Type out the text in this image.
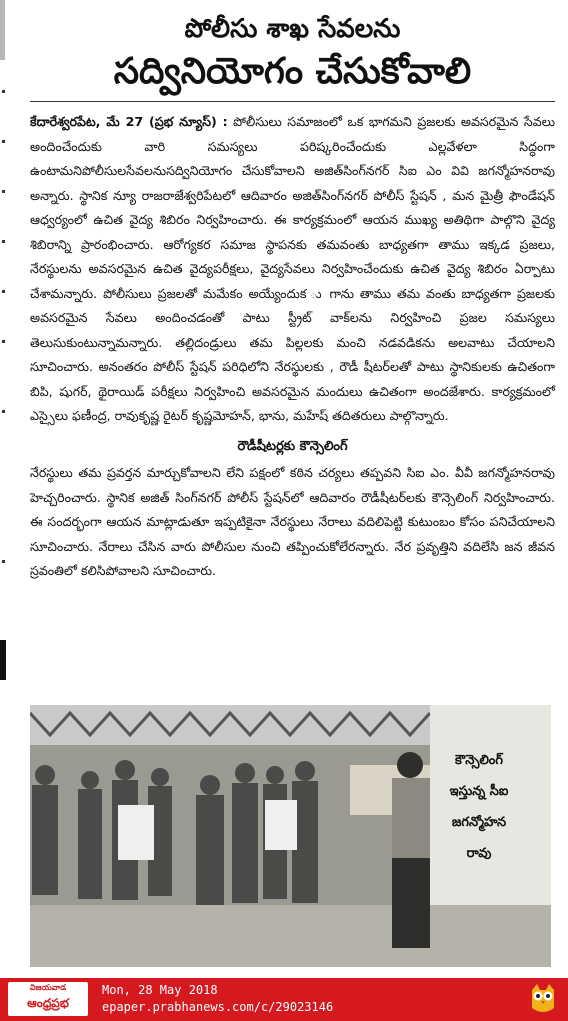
పోలీసు శాఖ సేవలను
సద్వినియోగం చేసుకోవాలి

కేదారేశ్వరపేట, మే 27 (ప్రభ న్యూస్) : పోలీసులు సమాజంలో ఒక భాగమని ప్రజలకు అవసరమైన సేవలు అందించేందుకు వారి సమస్యలు పరిష్కరించేందుకు ఎల్లవేళలా సిద్ధంగా ఉంటామనిపోలీసులసేవలనుసద్వినియోగం చేసుకోవాలని అజిత్‌సింగ్‌నగర్ సిఐ ఎం వివి జగన్మోహనరావు అన్నారు. స్థానిక న్యూ రాజరాజేశ్వరిపేటలో ఆదివారం అజిత్‌సింగ్‌నగర్ పోలీస్ స్టేషన్ , మన మైత్రీ ఫౌండేషన్ ఆధ్వర్యంలో ఉచిత వైద్య శిబిరం నిర్వహించారు. ఈ కార్యక్రమంలో ఆయన ముఖ్య అతిథిగా పాల్గొని వైద్య శిబిరాన్ని ప్రారంభించారు. ఆరోగ్యకర సమాజ స్థాపనకు తమవంతు బాధ్యతగా తాము ఇక్కడ ప్రజలు, నేరస్థులను అవసరమైన ఉచిత వైద్యపరీక్షలు, వైద్యసేవలు నిర్వహించేందుకు ఉచిత వైద్య శిబిరం ఏర్పాటు చేశామన్నారు. పోలీసులు ప్రజలతో మమేకం అయ్యేందుక ు గాను తాము తమ వంతు బాధ్యతగా ప్రజలకు అవసరమైన సేవలు అందించడంతో పాటు స్ట్రీట్ వాక్‌లను నిర్వహించి ప్రజల సమస్యలు తెలుసుకుంటున్నామన్నారు. తల్లిదండ్రులు తమ పిల్లలకు మంచి నడవడికను అలవాటు చేయాలని సూచించారు. అనంతరం పోలీస్ స్టేషన్ పరిధిలోని నేరస్థులకు , రౌడీ షీటర్‌లతో పాటు స్థానికులకు ఉచితంగా బిపి, షుగర్, థైరాయిడ్ పరీక్షలు నిర్వహించి అవసరమైన మందులు ఉచితంగా అందజేశారు. కార్యక్రమంలో ఎస్సైలు ఫణీంద్ర, రావుకృష్ణ రైటర్ కృష్ణమోహన్, భాను, మహేష్ తదితరులు పాల్గొన్నారు.

రౌడీషీటర్లకు కౌన్సెలింగ్

నేరస్థులు తమ ప్రవర్తన మార్చుకోవాలని లేని పక్షంలో కఠిన చర్యలు తప్పవని సిఐ ఎం. వీవీ జగన్మోహనరావు హెచ్చరించారు. స్థానిక అజిత్ సింగ్‌నగర్ పోలీస్ స్టేషన్‌లో ఆదివారం రౌడీషీటర్‌లకు కౌన్సెలింగ్ నిర్వహించారు. ఈ సందర్భంగా ఆయన మాట్లాడుతూ ఇప్పటికైనా నేరస్థులు నేరాలు వదిలిపెట్టి కుటుంబం కోసం పనిచేయాలని సూచించారు. నేరాలు చేసిన వారు పోలీసుల నుంచి తప్పించుకోలేరన్నారు. నేర ప్రవృత్తిని వదిలేసి జన జీవన స్రవంతిలో కలిసిపోవాలని సూచించారు.

కౌన్సెలింగ్
ఇస్తున్న సీఐ
జగన్మోహన
రావు
విజయవాడ
ఆంధ్రప్రభ
Mon, 28 May 2018
epaper.prabhanews.com/c/29023146
